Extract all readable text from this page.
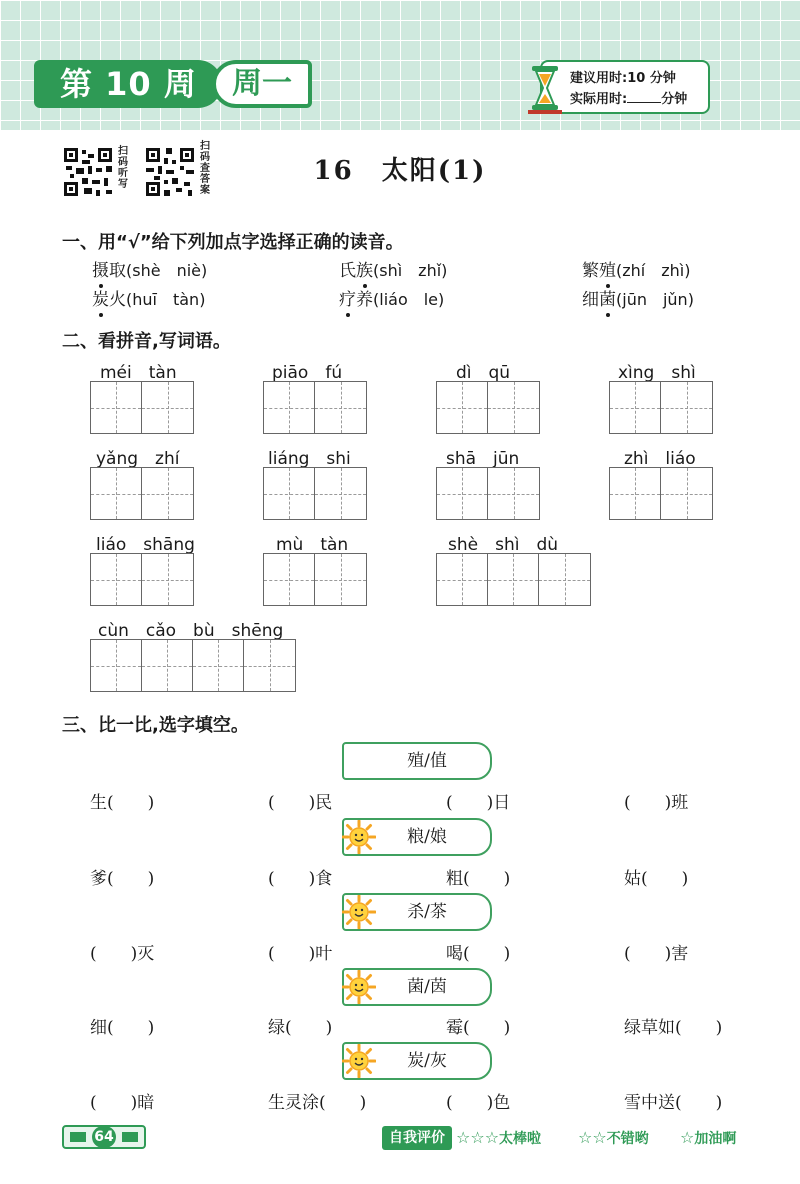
第 10 周	周一	建议用时:10 分钟
实际用时:	分钟
扫码听写
扫码查答案
16　太阳(1)
一、用“√”给下列加点字选择正确的读音。
摄取(shè　niè)	氏族(shì　zhǐ)	繁殖(zhí　zhì)
炭火(huī　tàn)	疗养(liáo　le)	细菌(jūn　jǔn)
二、看拼音,写词语。
méi　tàn	piāo　fú	dì　qū	xìng　shì
yǎng　zhí	liáng　shi	shā　jūn	zhì　liáo
liáo　shāng	mù　tàn	shè　shì　dù
cùn　cǎo　bù　shēng
三、比一比,选字填空。
殖/值
生(　　)	(　　)民	(　　)日	(　　)班
粮/娘
爹(　　)	(　　)食	粗(　　)	姑(　　)
杀/茶
(　　)灭	(　　)叶	喝(　　)	(　　)害
菌/茵
细(　　)	绿(　　)	霉(　　)	绿草如(　　)
炭/灰
(　　)暗	生灵涂(　　)	(　　)色	雪中送(　　)
64	自我评价 ☆☆☆太棒啦 ☆☆不错哟 ☆加油啊
